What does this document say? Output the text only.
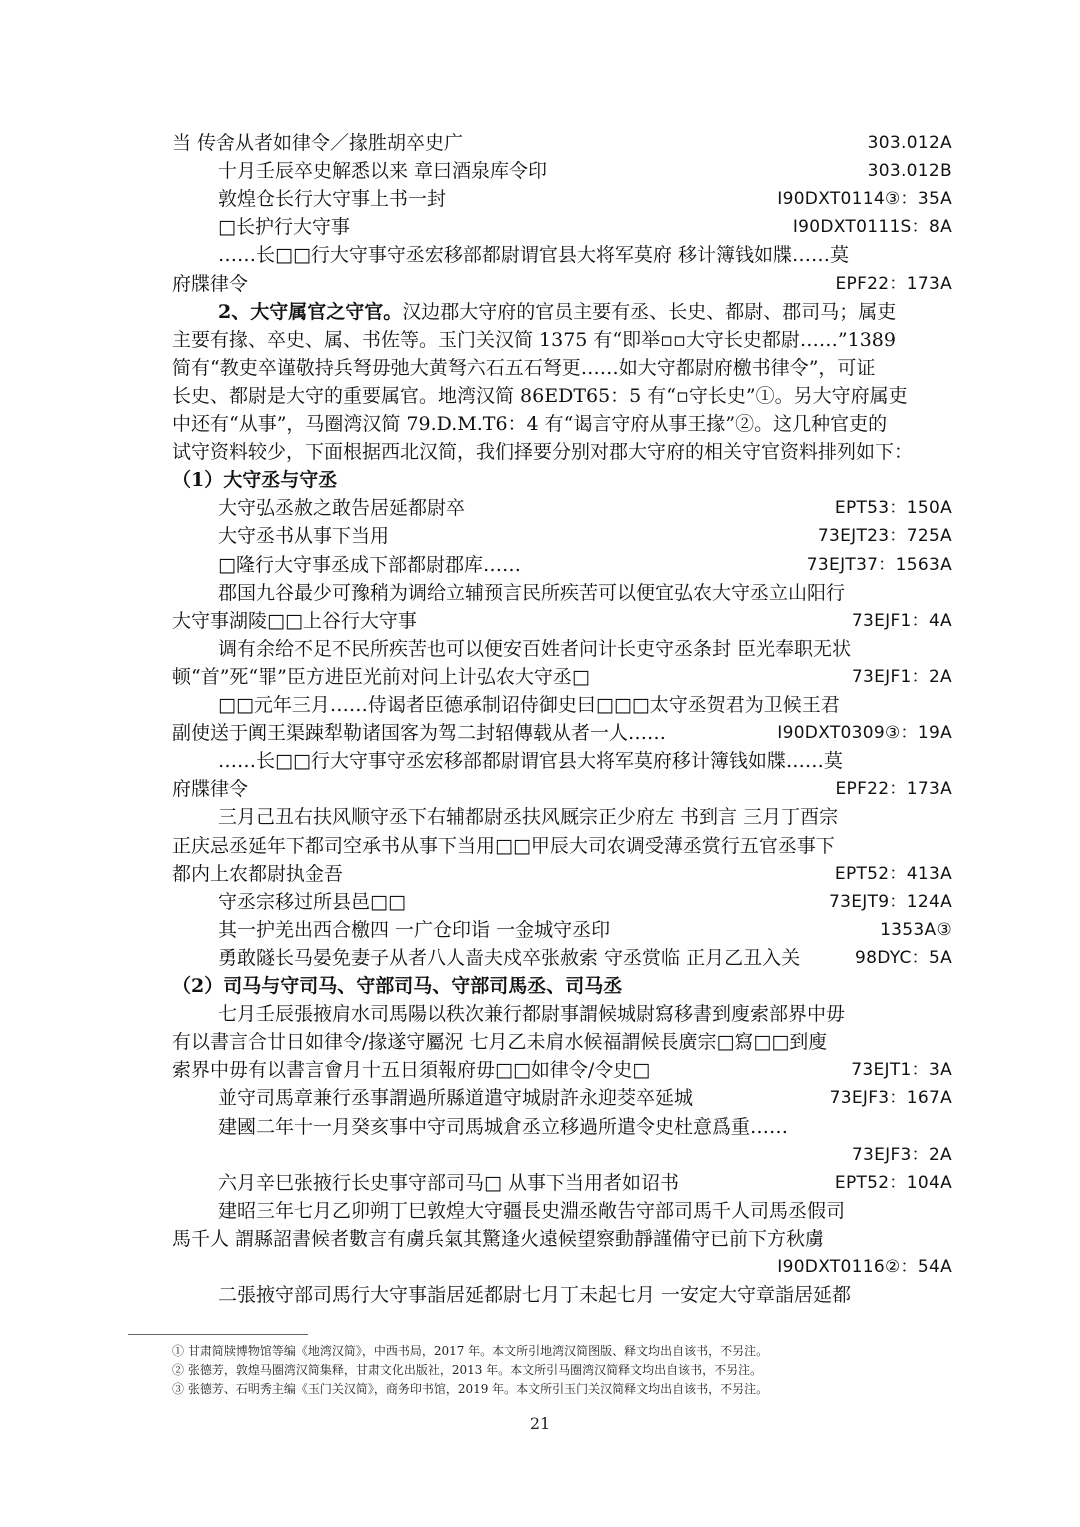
当 传舍从者如律令／掾胜胡卒史广	303.012A
十月壬辰卒史解悉以来 章曰酒泉库令印	303.012B
敦煌仓长行大守事上书一封	Ⅰ90DXT0114③：35A
□长护行大守事	Ⅰ90DXT0111S：8A
……长□□行大守事守丞宏移部都尉谓官县大将军莫府 移计簿钱如牒……莫
府牒律令	EPF22：173A
2、大守属官之守官。汉边郡大守府的官员主要有丞、长史、都尉、郡司马；属吏
主要有掾、卒史、属、书佐等。玉门关汉简 1375 有“即举▫▫大守长史都尉……”1389
简有“教吏卒谨敬持兵弩毋弛大黄弩六石五石弩更……如大守都尉府檄书律令”，可证
长史、都尉是大守的重要属官。地湾汉简 86EDT65：5 有“▫守长史”①。另大守府属吏
中还有“从事”，马圈湾汉简 79.D.M.T6：4 有“谒言守府从事王掾”②。这几种官吏的
试守资料较少，下面根据西北汉简，我们择要分别对郡大守府的相关守官资料排列如下：
（1）大守丞与守丞
大守弘丞赦之敢告居延都尉卒	EPT53：150A
大守丞书从事下当用	73EJT23：725A
□隆行大守事丞成下部都尉郡库……	73EJT37：1563A
郡国九谷最少可豫稍为调给立辅预言民所疾苦可以便宜弘农大守丞立山阳行
大守事湖陵□□上谷行大守事	73EJF1：4A
调有余给不足不民所疾苦也可以便安百姓者问计长吏守丞条封 臣光奉职无状
顿“首”死“罪”臣方进臣光前对问上计弘农大守丞□	73EJF1：2A
□□元年三月……侍谒者臣德承制诏侍御史曰□□□太守丞贺君为卫候王君
副使送于阗王渠踈犁勒诸国客为驾二封轺傳载从者一人……	Ⅰ90DXT0309③：19A
……长□□行大守事守丞宏移部都尉谓官县大将军莫府移计簿钱如牒……莫
府牒律令	EPF22：173A
三月己丑右扶风顺守丞下右辅都尉丞扶风厩宗正少府左 书到言 三月丁酉宗
正庆忌丞延年下都司空承书从事下当用□□甲辰大司农调受薄丞赏行五官丞事下
都内上农都尉执金吾	EPT52：413A
守丞宗移过所县邑□□	73EJT9：124A
其一护羌出西合檄四 一广仓印诣 一金城守丞印	1353A③
勇敢隧长马晏免妻子从者八人啬夫戍卒张赦索 守丞赏临 正月乙丑入关	98DYC：5A
（2）司马与守司马、守部司马、守部司馬丞、司马丞
七月壬辰張掖肩水司馬陽以秩次兼行都尉事謂候城尉寫移書到廋索部界中毋
有以書言合廿日如律令/掾遂守屬況 七月乙未肩水候福謂候長廣宗□寫□□到廋
索界中毋有以書言會月十五日須報府毋□□如律令/令史□	73EJT1：3A
並守司馬章兼行丞事謂過所縣道遣守城尉許永迎茭卒延城	73EJF3：167A
建國二年十一月癸亥事中守司馬城倉丞立移過所遣令史杜意爲重……
73EJF3：2A
六月辛巳张掖行长史事守部司马□ 从事下当用者如诏书	EPT52：104A
建昭三年七月乙卯朔丁巳敦煌大守疆長史淵丞敞告守部司馬千人司馬丞假司
馬千人 謂縣詔書候者數言有虜兵氣其驚逢火遠候望察動靜謹備守已前下方秋虜
Ⅰ90DXT0116②：54A
二張掖守部司馬行大守事詣居延都尉七月丁未起七月 一安定大守章詣居延都
① 甘肃简牍博物馆等编《地湾汉简》，中西书局，2017 年。本文所引地湾汉简图版、释文均出自该书，不另注。
② 张德芳，敦煌马圈湾汉简集释，甘肃文化出版社，2013 年。本文所引马圈湾汉简释文均出自该书，不另注。
③ 张德芳、石明秀主编《玉门关汉简》，商务印书馆，2019 年。本文所引玉门关汉简释文均出自该书，不另注。
21
